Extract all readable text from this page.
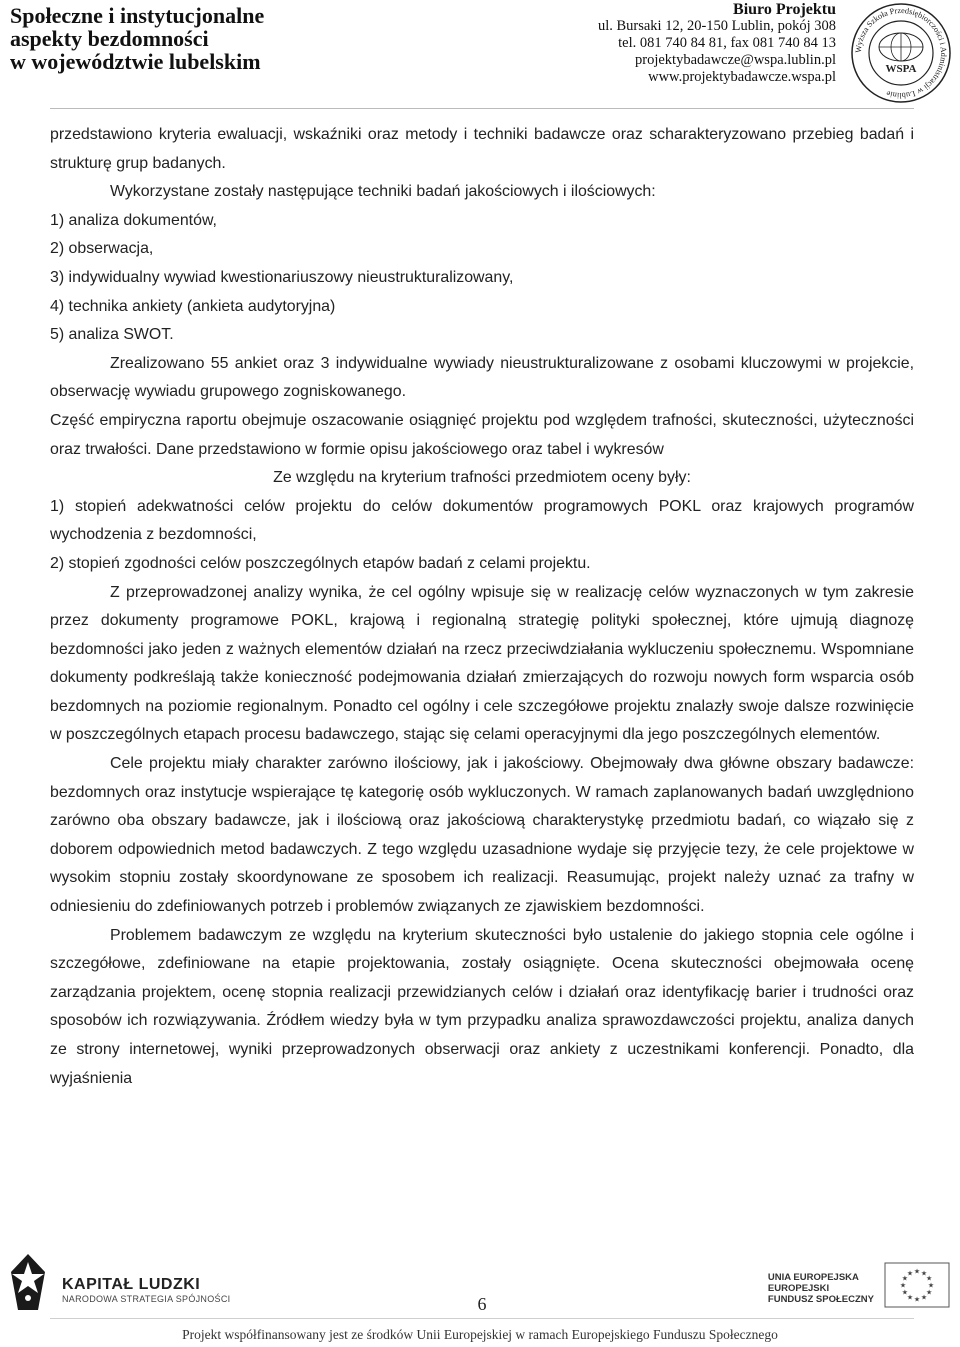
Społeczne i instytucjonalne
aspekty bezdomności
w województwie lubelskim
Biuro Projektu
ul. Bursaki 12, 20-150 Lublin, pokój 308
tel. 081 740 84 81, fax 081 740 84 13
projektybadawcze@wspa.lublin.pl
www.projektybadawcze.wspa.pl
Wyższa Szkoła Przedsiębiorczości i Administracji w Lublinie
WSPA

przedstawiono kryteria ewaluacji, wskaźniki oraz metody i techniki badawcze oraz scharakteryzowano przebieg badań i strukturę grup badanych.

Wykorzystane zostały następujące techniki badań jakościowych i ilościowych:

1) analiza dokumentów,

2) obserwacja,

3) indywidualny wywiad kwestionariuszowy nieustrukturalizowany,

4) technika ankiety (ankieta audytoryjna)

5) analiza SWOT.

Zrealizowano 55 ankiet oraz 3 indywidualne wywiady nieustrukturalizowane z osobami kluczowymi w projekcie, obserwację wywiadu grupowego zogniskowanego.

Część empiryczna raportu obejmuje oszacowanie osiągnięć projektu pod względem trafności, skuteczności, użyteczności oraz trwałości. Dane przedstawiono w formie opisu jakościowego oraz tabel i wykresów

Ze względu na kryterium trafności przedmiotem oceny były:

1) stopień adekwatności celów projektu do celów dokumentów programowych POKL oraz krajowych programów wychodzenia z bezdomności,

2) stopień zgodności celów poszczególnych etapów badań z celami projektu.

Z przeprowadzonej analizy wynika, że cel ogólny wpisuje się w realizację celów wyznaczonych w tym zakresie przez dokumenty programowe POKL, krajową i regionalną strategię polityki społecznej, które ujmują diagnozę bezdomności jako jeden z ważnych elementów działań na rzecz przeciwdziałania wykluczeniu społecznemu. Wspomniane dokumenty podkreślają także konieczność podejmowania działań zmierzających do rozwoju nowych form wsparcia osób bezdomnych na poziomie regionalnym. Ponadto cel ogólny i cele szczegółowe projektu znalazły swoje dalsze rozwinięcie w poszczególnych etapach procesu badawczego, stając się celami operacyjnymi dla jego poszczególnych elementów.

Cele projektu miały charakter zarówno ilościowy, jak i jakościowy. Obejmowały dwa główne obszary badawcze: bezdomnych oraz instytucje wspierające tę kategorię osób wykluczonych. W ramach zaplanowanych badań uwzględniono zarówno oba obszary badawcze, jak i ilościową oraz jakościową charakterystykę przedmiotu badań, co wiązało się z doborem odpowiednich metod badawczych. Z tego względu uzasadnione wydaje się przyjęcie tezy, że cele projektowe w wysokim stopniu zostały skoordynowane ze sposobem ich realizacji. Reasumując, projekt należy uznać za trafny w odniesieniu do zdefiniowanych potrzeb i problemów związanych ze zjawiskiem bezdomności.

Problemem badawczym ze względu na kryterium skuteczności było ustalenie do jakiego stopnia cele ogólne i szczegółowe, zdefiniowane na etapie projektowania, zostały osiągnięte. Ocena skuteczności obejmowała ocenę zarządzania projektem, ocenę stopnia realizacji przewidzianych celów i działań oraz identyfikację barier i trudności oraz sposobów ich rozwiązywania. Źródłem wiedzy była w tym przypadku analiza sprawozdawczości projektu, analiza danych ze strony internetowej, wyniki przeprowadzonych obserwacji oraz ankiety z uczestnikami konferencji. Ponadto, dla wyjaśnienia

KAPITAŁ LUDZKI
NARODOWA STRATEGIA SPÓJNOŚCI	6
UNIA EUROPEJSKA
EUROPEJSKI
FUNDUSZ SPOŁECZNY
★
★
★
★
★
★
★
★
★ ★ ★
★
Projekt współfinansowany jest ze środków Unii Europejskiej w ramach Europejskiego Funduszu Społecznego
